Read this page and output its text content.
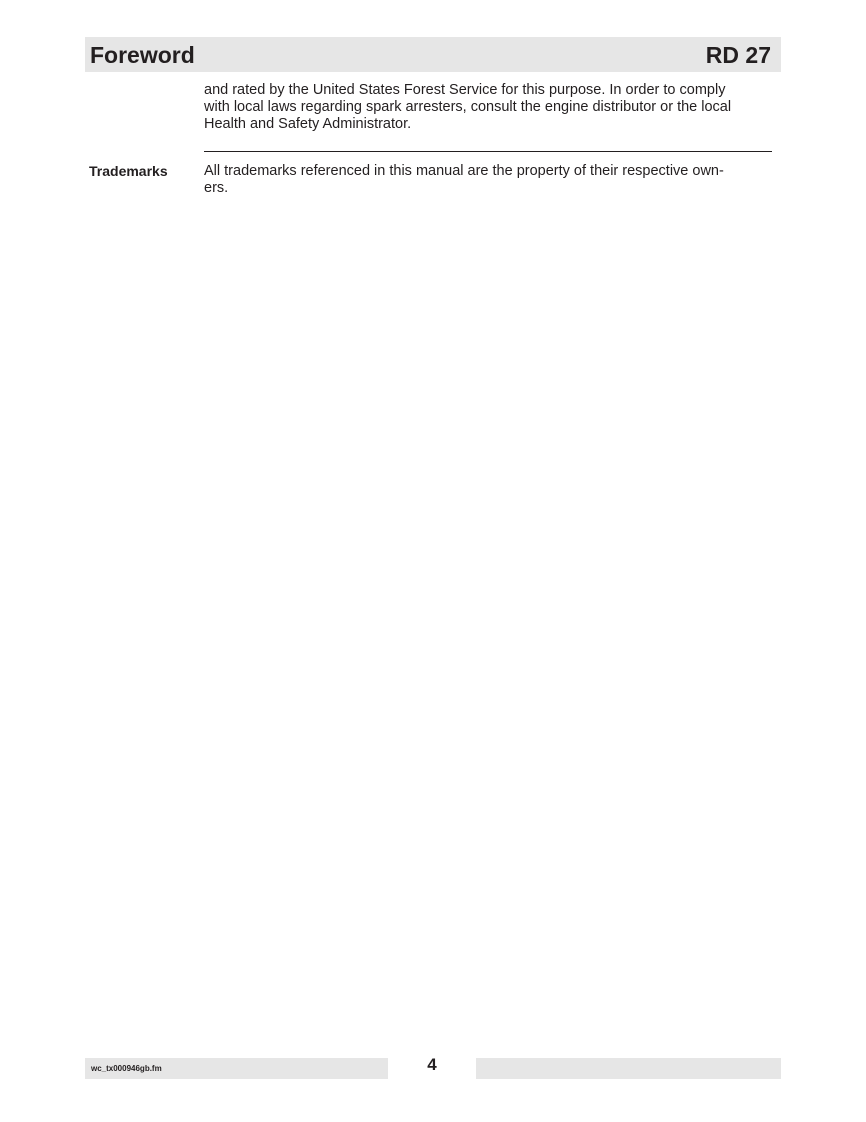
Foreword	RD 27
and rated by the United States Forest Service for this purpose. In order to comply
with local laws regarding spark arresters, consult the engine distributor or the local
Health and Safety Administrator.
Trademarks	All trademarks referenced in this manual are the property of their respective own-
ers.
wc_tx000946gb.fm	4
